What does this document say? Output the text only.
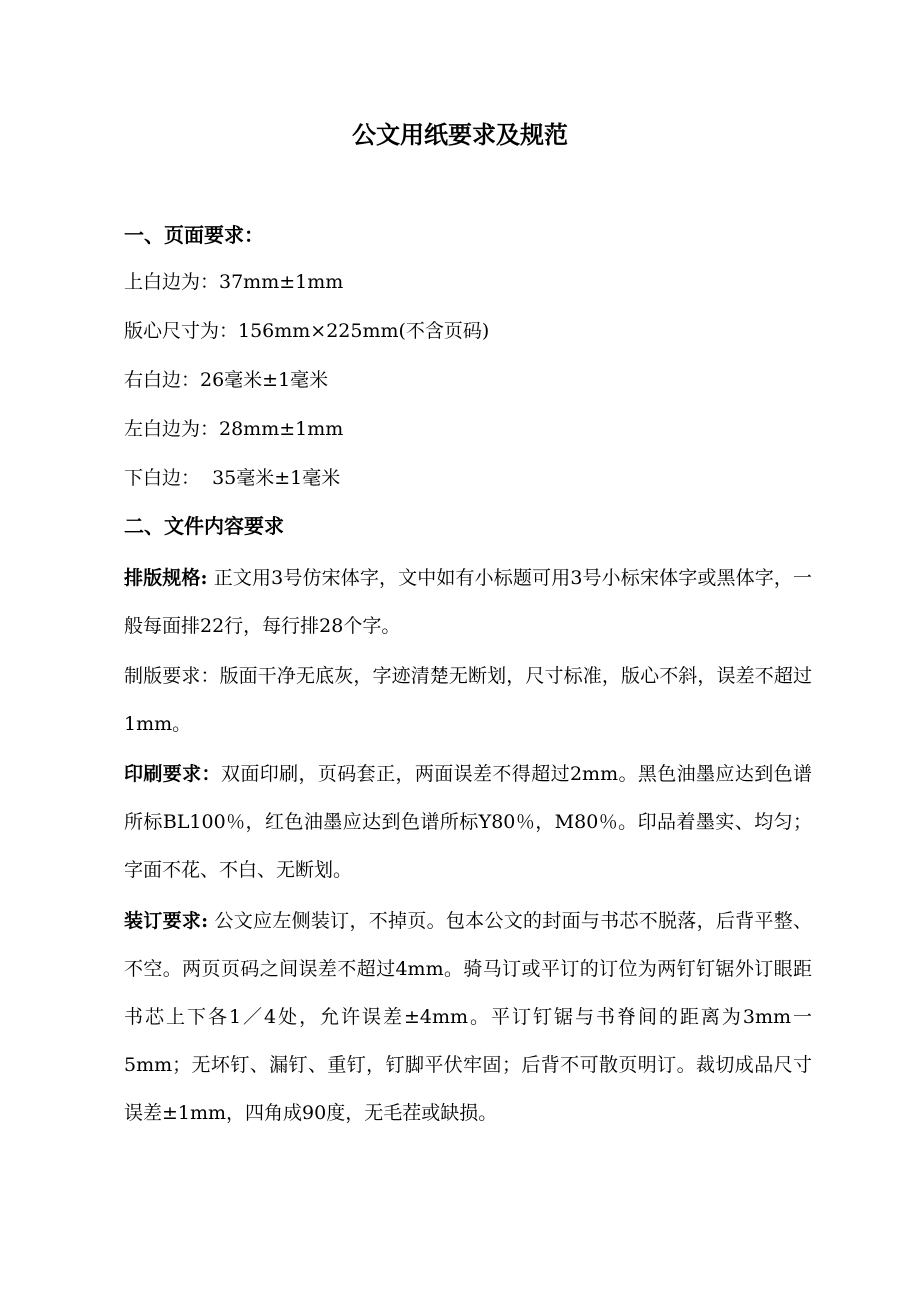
公文用纸要求及规范
一、页面要求：
上白边为：37mm±1mm
版心尺寸为：156mm×225mm(不含页码)
右白边：26毫米±1毫米
左白边为：28mm±1mm
下白边：  35毫米±1毫米
二、文件内容要求
排版规格: 正文用3号仿宋体字，文中如有小标题可用3号小标宋体字或黑体字，一般每面排22行，每行排28个字。
制版要求：版面干净无底灰，字迹清楚无断划，尺寸标准，版心不斜，误差不超过1mm。
印刷要求：双面印刷，页码套正，两面误差不得超过2mm。黑色油墨应达到色谱所标BL100％，红色油墨应达到色谱所标Y80％，M80％。印品着墨实、均匀；字面不花、不白、无断划。
装订要求: 公文应左侧装订，不掉页。包本公文的封面与书芯不脱落，后背平整、不空。两页页码之间误差不超过4mm。骑马订或平订的订位为两钉钉锯外订眼距书芯上下各1／4处，允许误差±4mm。平订钉锯与书脊间的距离为3mm一5mm；无坏钉、漏钉、重钉，钉脚平伏牢固；后背不可散页明订。裁切成品尺寸误差±1mm，四角成90度，无毛茬或缺损。
